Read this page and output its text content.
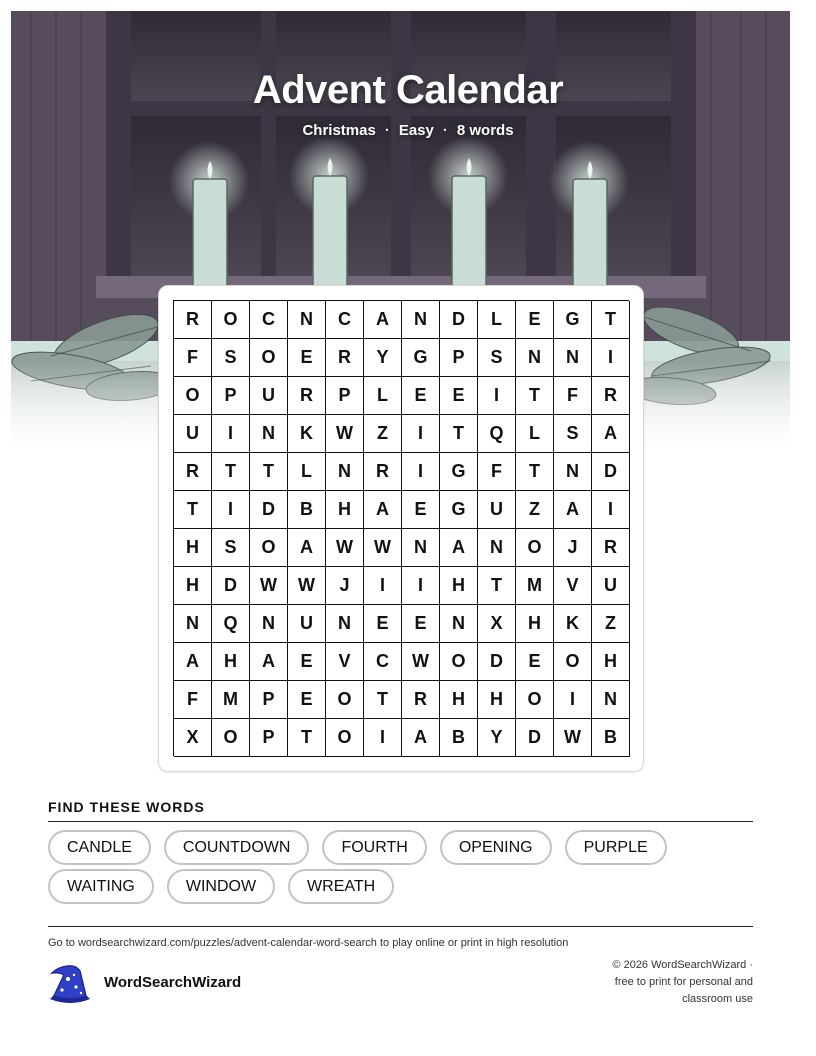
Advent Calendar
Christmas · Easy · 8 words
R	O	C	N	C	A	N	D	L	E	G	T
F	S	O	E	R	Y	G	P	S	N	N	I
O	P	U	R	P	L	E	E	I	T	F	R
U	I	N	K	W	Z	I	T	Q	L	S	A
R	T	T	L	N	R	I	G	F	T	N	D
T	I	D	B	H	A	E	G	U	Z	A	I
H	S	O	A	W	W	N	A	N	O	J	R
H	D	W	W	J	I	I	H	T	M	V	U
N	Q	N	U	N	E	E	N	X	H	K	Z
A	H	A	E	V	C	W	O	D	E	O	H
F	M	P	E	O	T	R	H	H	O	I	N
X	O	P	T	O	I	A	B	Y	D	W	B
FIND THESE WORDS
CANDLE	COUNTDOWN	FOURTH	OPENING	PURPLE
WAITING	WINDOW	WREATH
Go to wordsearchwizard.com/puzzles/advent-calendar-word-search to play online or print in high resolution
WordSearchWizard
© 2026 WordSearchWizard ·
free to print for personal and
classroom use
